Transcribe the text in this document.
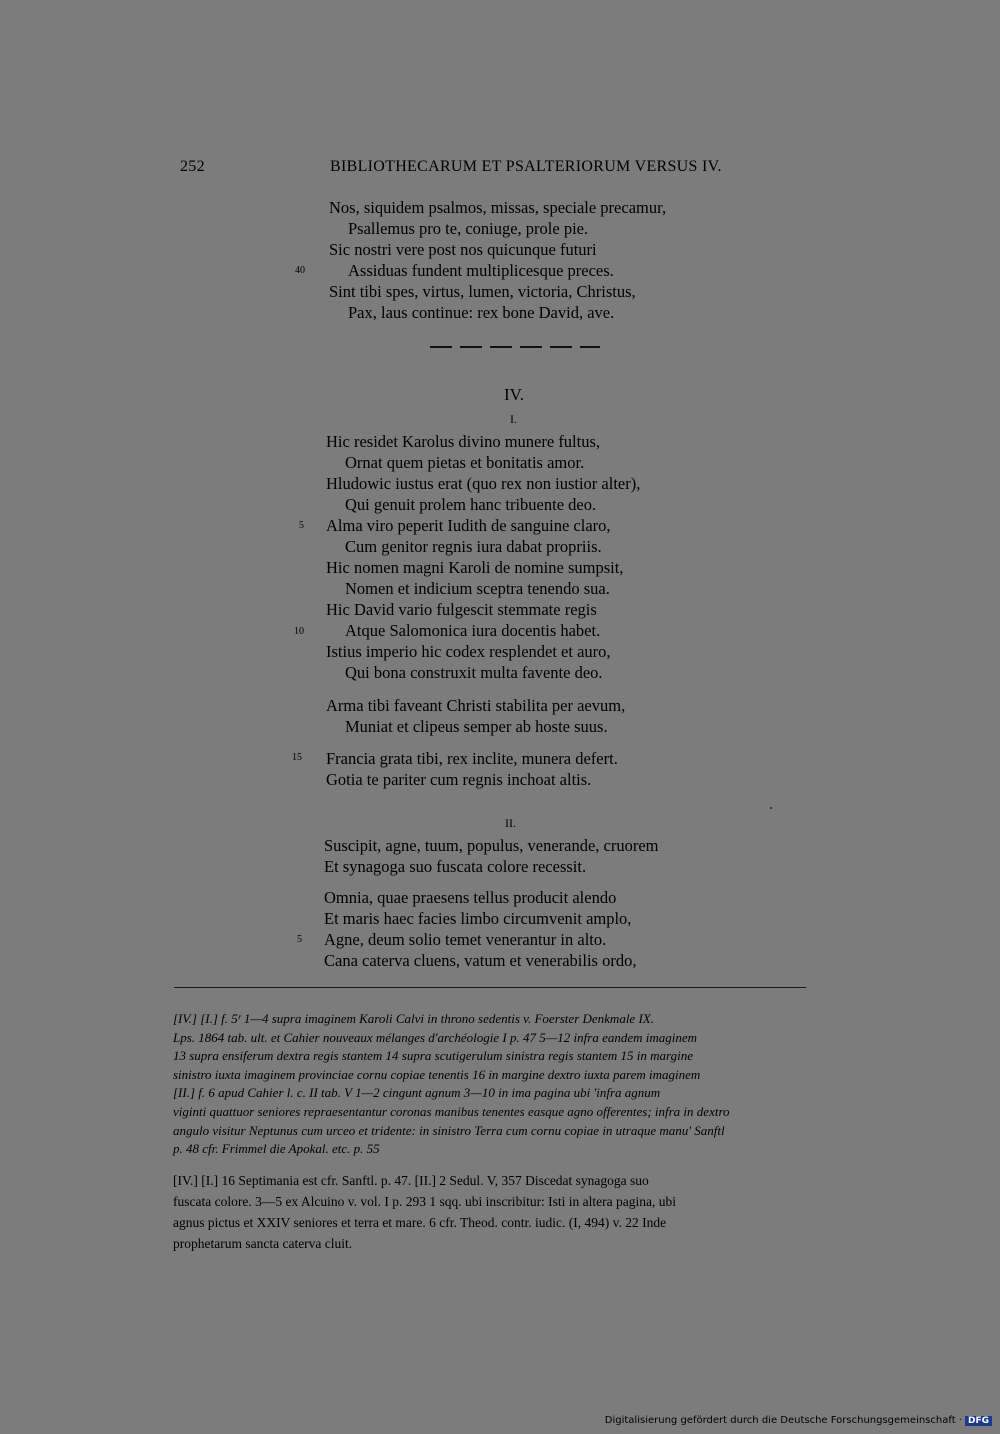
252	BIBLIOTHECARUM ET PSALTERIORUM VERSUS IV.
Nos, siquidem psalmos, missas, speciale precamur,
Psallemus pro te, coniuge, prole pie.
Sic nostri vere post nos quicunque futuri
Assiduas fundent multiplicesque preces.
Sint tibi spes, virtus, lumen, victoria, Christus,
Pax, laus continue: rex bone David, ave.
40
IV.
I.
Hic residet Karolus divino munere fultus,
Ornat quem pietas et bonitatis amor.
Hludowic iustus erat (quo rex non iustior alter),
Qui genuit prolem hanc tribuente deo.
Alma viro peperit Iudith de sanguine claro,
Cum genitor regnis iura dabat propriis.
Hic nomen magni Karoli de nomine sumpsit,
Nomen et indicium sceptra tenendo sua.
Hic David vario fulgescit stemmate regis
Atque Salomonica iura docentis habet.
Istius imperio hic codex resplendet et auro,
Qui bona construxit multa favente deo.
5
10
Arma tibi faveant Christi stabilita per aevum,
Muniat et clipeus semper ab hoste suus.
Francia grata tibi, rex inclite, munera defert.
Gotia te pariter cum regnis inchoat altis.
15
II.
Suscipit, agne, tuum, populus, venerande, cruorem
Et synagoga suo fuscata colore recessit.
Omnia, quae praesens tellus producit alendo
Et maris haec facies limbo circumvenit amplo,
Agne, deum solio temet venerantur in alto.
Cana caterva cluens, vatum et venerabilis ordo,
5
[IV.] [I.] f. 5ʳ 1—4 supra imaginem Karoli Calvi in throno sedentis v. Foerster Denkmale IX.
Lps. 1864 tab. ult. et Cahier nouveaux mélanges d'archéologie I p. 47 5—12 infra eandem imaginem
13 supra ensiferum dextra regis stantem 14 supra scutigerulum sinistra regis stantem 15 in margine
sinistro iuxta imaginem provinciae cornu copiae tenentis 16 in margine dextro iuxta parem imaginem
[II.] f. 6 apud Cahier l. c. II tab. V 1—2 cingunt agnum 3—10 in ima pagina ubi 'infra agnum
viginti quattuor seniores repraesentantur coronas manibus tenentes easque agno offerentes; infra in dextro
angulo visitur Neptunus cum urceo et tridente: in sinistro Terra cum cornu copiae in utraque manu' Sanftl
p. 48 cfr. Frimmel die Apokal. etc. p. 55
[IV.] [I.] 16 Septimania est cfr. Sanftl. p. 47. [II.] 2 Sedul. V, 357 Discedat synagoga suo
fuscata colore. 3—5 ex Alcuino v. vol. I p. 293 1 sqq. ubi inscribitur: Isti in altera pagina, ubi
agnus pictus et XXIV seniores et terra et mare. 6 cfr. Theod. contr. iudic. (I, 494) v. 22 Inde
prophetarum sancta caterva cluit.
Digitalisierung gefördert durch die Deutsche Forschungsgemeinschaft · DFG
